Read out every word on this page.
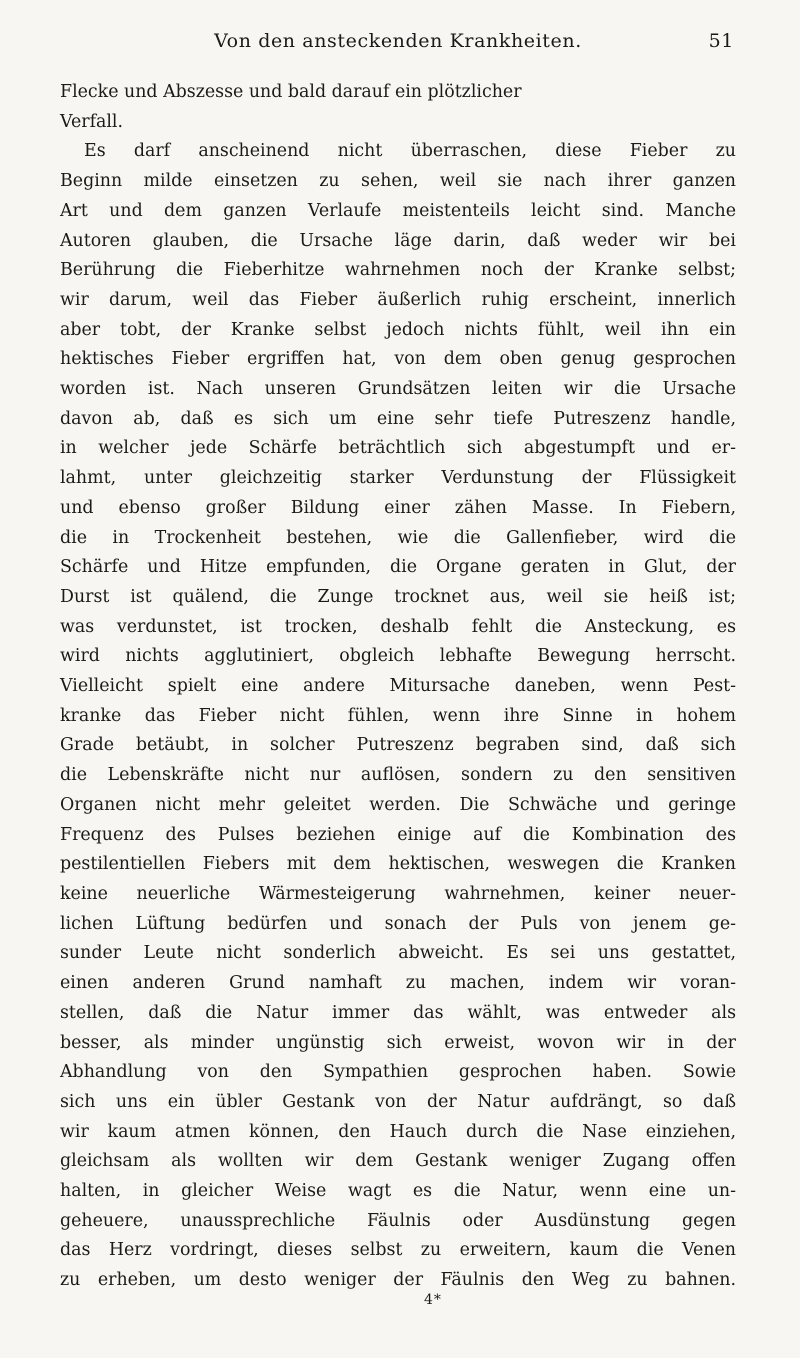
Von den ansteckenden Krankheiten.	51
Flecke und Abszesse und bald darauf ein plötzlicher
Verfall.
Es darf anscheinend nicht überraschen, diese Fieber zu
Beginn milde einsetzen zu sehen, weil sie nach ihrer ganzen
Art und dem ganzen Verlaufe meistenteils leicht sind. Manche
Autoren glauben, die Ursache läge darin, daß weder wir bei
Berührung die Fieberhitze wahrnehmen noch der Kranke selbst;
wir darum, weil das Fieber äußerlich ruhig erscheint, innerlich
aber tobt, der Kranke selbst jedoch nichts fühlt, weil ihn ein
hektisches Fieber ergriffen hat, von dem oben genug gesprochen
worden ist. Nach unseren Grundsätzen leiten wir die Ursache
davon ab, daß es sich um eine sehr tiefe Putreszenz handle,
in welcher jede Schärfe beträchtlich sich abgestumpft und er-
lahmt, unter gleichzeitig starker Verdunstung der Flüssigkeit
und ebenso großer Bildung einer zähen Masse. In Fiebern,
die in Trockenheit bestehen, wie die Gallenfieber, wird die
Schärfe und Hitze empfunden, die Organe geraten in Glut, der
Durst ist quälend, die Zunge trocknet aus, weil sie heiß ist;
was verdunstet, ist trocken, deshalb fehlt die Ansteckung, es
wird nichts agglutiniert, obgleich lebhafte Bewegung herrscht.
Vielleicht spielt eine andere Mitursache daneben, wenn Pest-
kranke das Fieber nicht fühlen, wenn ihre Sinne in hohem
Grade betäubt, in solcher Putreszenz begraben sind, daß sich
die Lebenskräfte nicht nur auflösen, sondern zu den sensitiven
Organen nicht mehr geleitet werden. Die Schwäche und geringe
Frequenz des Pulses beziehen einige auf die Kombination des
pestilentiellen Fiebers mit dem hektischen, weswegen die Kranken
keine neuerliche Wärmesteigerung wahrnehmen, keiner neuer-
lichen Lüftung bedürfen und sonach der Puls von jenem ge-
sunder Leute nicht sonderlich abweicht. Es sei uns gestattet,
einen anderen Grund namhaft zu machen, indem wir voran-
stellen, daß die Natur immer das wählt, was entweder als
besser, als minder ungünstig sich erweist, wovon wir in der
Abhandlung von den Sympathien gesprochen haben. Sowie
sich uns ein übler Gestank von der Natur aufdrängt, so daß
wir kaum atmen können, den Hauch durch die Nase einziehen,
gleichsam als wollten wir dem Gestank weniger Zugang offen
halten, in gleicher Weise wagt es die Natur, wenn eine un-
geheuere, unaussprechliche Fäulnis oder Ausdünstung gegen
das Herz vordringt, dieses selbst zu erweitern, kaum die Venen
zu erheben, um desto weniger der Fäulnis den Weg zu bahnen.
4*
